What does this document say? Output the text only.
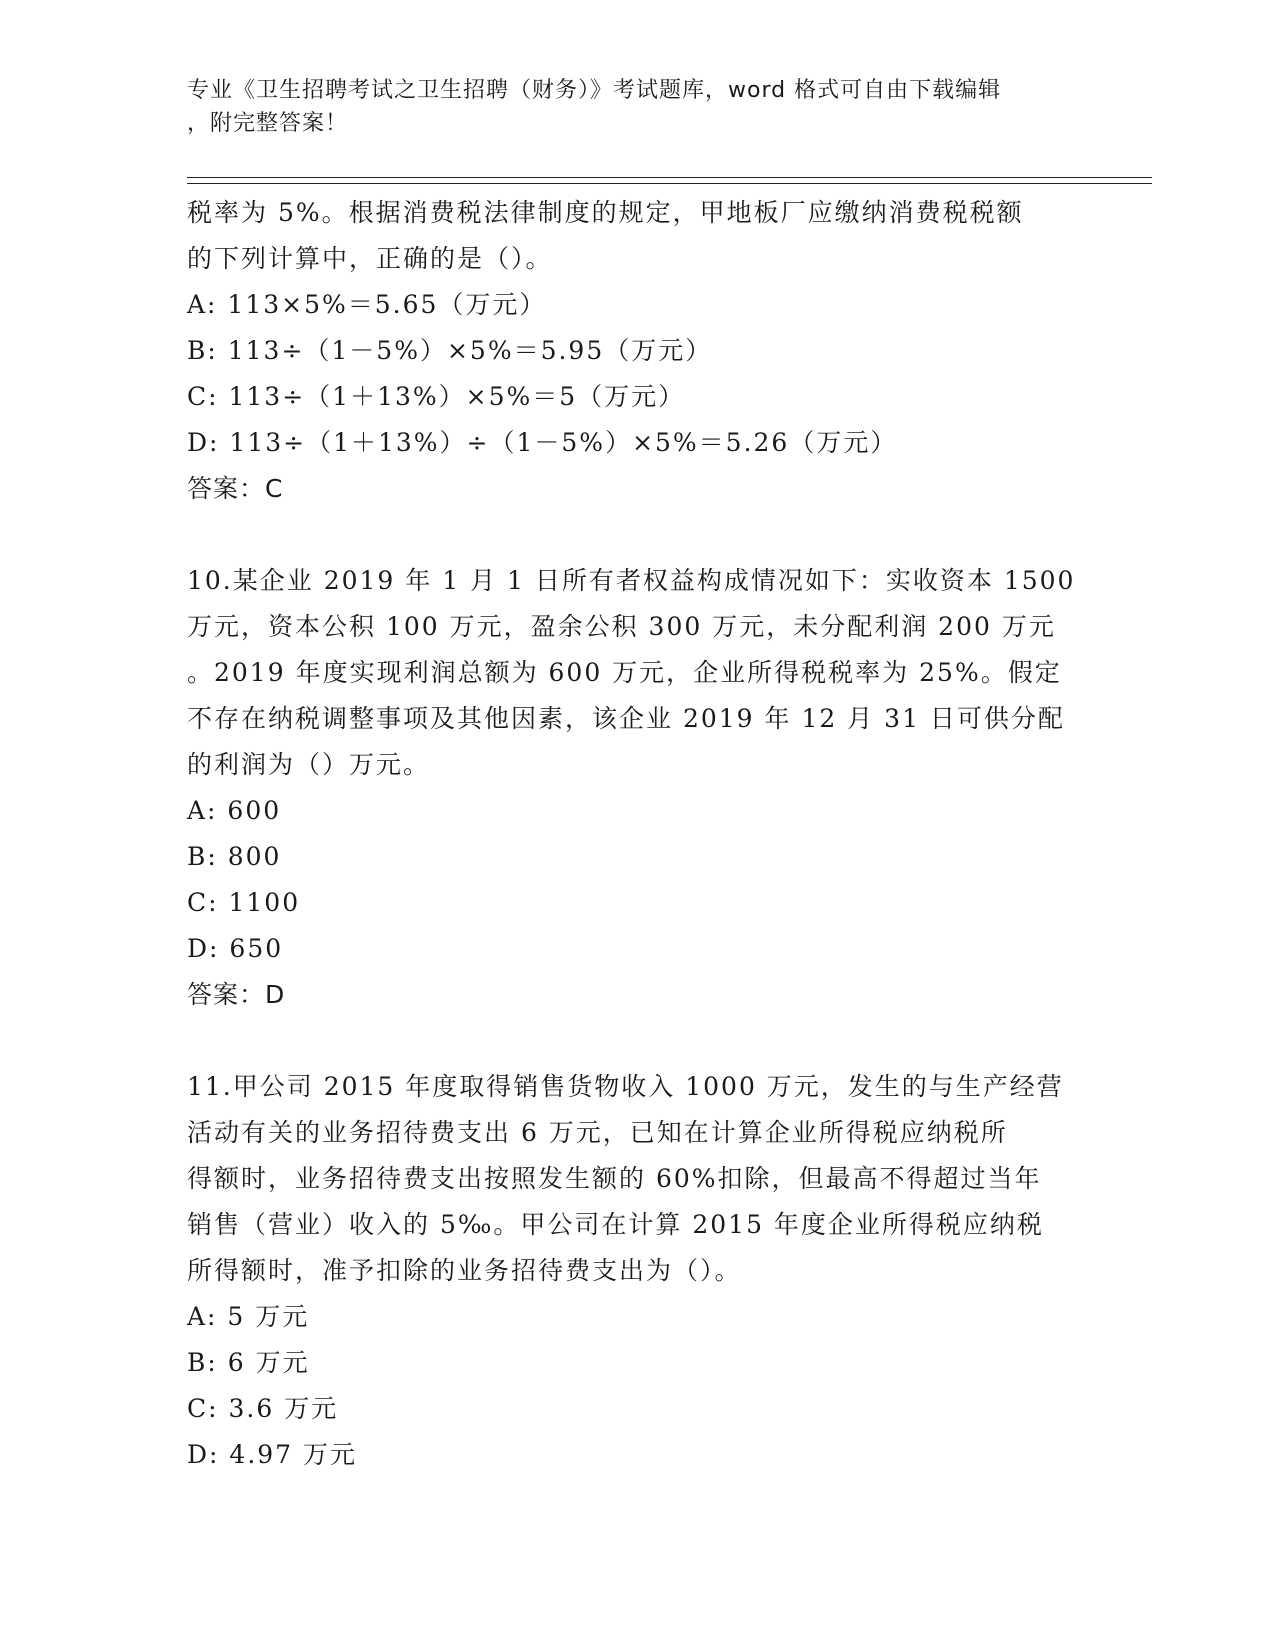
专业《卫生招聘考试之卫生招聘（财务）》考试题库，word 格式可自由下载编辑
，附完整答案！
税率为 5%。根据消费税法律制度的规定，甲地板厂应缴纳消费税税额
的下列计算中，正确的是（）。
A: 113×5%＝5.65（万元）
B: 113÷（1－5%）×5%＝5.95（万元）
C: 113÷（1＋13%）×5%＝5（万元）
D: 113÷（1＋13%）÷（1－5%）×5%＝5.26（万元）
答案：C
10.某企业 2019 年 1 月 1 日所有者权益构成情况如下：实收资本 1500
万元，资本公积 100 万元，盈余公积 300 万元，未分配利润 200 万元
。2019 年度实现利润总额为 600 万元，企业所得税税率为 25%。假定
不存在纳税调整事项及其他因素，该企业 2019 年 12 月 31 日可供分配
的利润为（）万元。
A: 600
B: 800
C: 1100
D: 650
答案：D
11.甲公司 2015 年度取得销售货物收入 1000 万元，发生的与生产经营
活动有关的业务招待费支出 6 万元，已知在计算企业所得税应纳税所
得额时，业务招待费支出按照发生额的 60%扣除，但最高不得超过当年
销售（营业）收入的 5‰。甲公司在计算 2015 年度企业所得税应纳税
所得额时，准予扣除的业务招待费支出为（）。
A: 5 万元
B: 6 万元
C: 3.6 万元
D: 4.97 万元
